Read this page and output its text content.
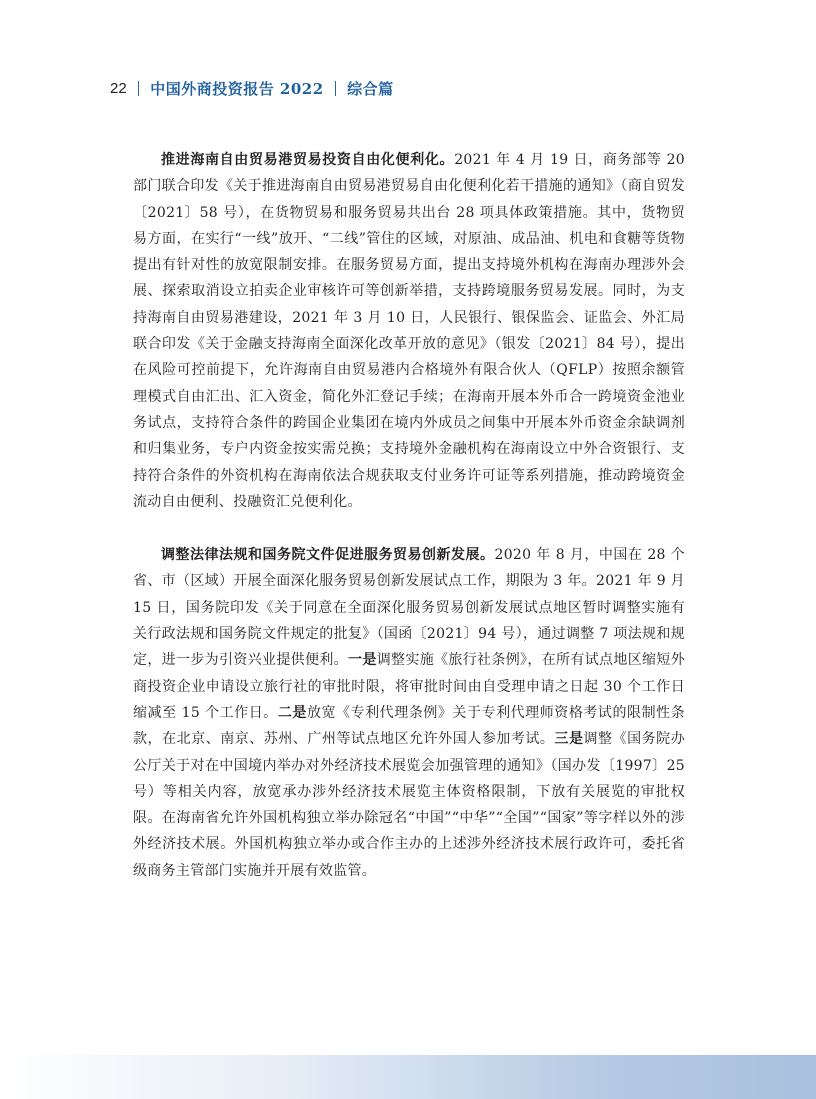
22 中国外商投资报告 2022 综合篇

推进海南自由贸易港贸易投资自由化便利化。2021 年 4 月 19 日，商务部等 20 部门联合印发《关于推进海南自由贸易港贸易自由化便利化若干措施的通知》（商自贸发〔2021〕58 号），在货物贸易和服务贸易共出台 28 项具体政策措施。其中，货物贸易方面，在实行“一线”放开、“二线”管住的区域，对原油、成品油、机电和食糖等货物提出有针对性的放宽限制安排。在服务贸易方面，提出支持境外机构在海南办理涉外会展、探索取消设立拍卖企业审核许可等创新举措，支持跨境服务贸易发展。同时，为支持海南自由贸易港建设，2021 年 3 月 10 日，人民银行、银保监会、证监会、外汇局联合印发《关于金融支持海南全面深化改革开放的意见》（银发〔2021〕84 号），提出在风险可控前提下，允许海南自由贸易港内合格境外有限合伙人（QFLP）按照余额管理模式自由汇出、汇入资金，简化外汇登记手续；在海南开展本外币合一跨境资金池业务试点，支持符合条件的跨国企业集团在境内外成员之间集中开展本外币资金余缺调剂和归集业务，专户内资金按实需兑换；支持境外金融机构在海南设立中外合资银行、支持符合条件的外资机构在海南依法合规获取支付业务许可证等系列措施，推动跨境资金流动自由便利、投融资汇兑便利化。

调整法律法规和国务院文件促进服务贸易创新发展。2020 年 8 月，中国在 28 个省、市（区域）开展全面深化服务贸易创新发展试点工作，期限为 3 年。2021 年 9 月 15 日，国务院印发《关于同意在全面深化服务贸易创新发展试点地区暂时调整实施有关行政法规和国务院文件规定的批复》（国函〔2021〕94 号），通过调整 7 项法规和规定，进一步为引资兴业提供便利。一是调整实施《旅行社条例》，在所有试点地区缩短外商投资企业申请设立旅行社的审批时限，将审批时间由自受理申请之日起 30 个工作日缩减至 15 个工作日。二是放宽《专利代理条例》关于专利代理师资格考试的限制性条款，在北京、南京、苏州、广州等试点地区允许外国人参加考试。三是调整《国务院办公厅关于对在中国境内举办对外经济技术展览会加强管理的通知》（国办发〔1997〕25 号）等相关内容，放宽承办涉外经济技术展览主体资格限制，下放有关展览的审批权限。在海南省允许外国机构独立举办除冠名“中国”“中华”“全国”“国家”等字样以外的涉外经济技术展。外国机构独立举办或合作主办的上述涉外经济技术展行政许可，委托省级商务主管部门实施并开展有效监管。
